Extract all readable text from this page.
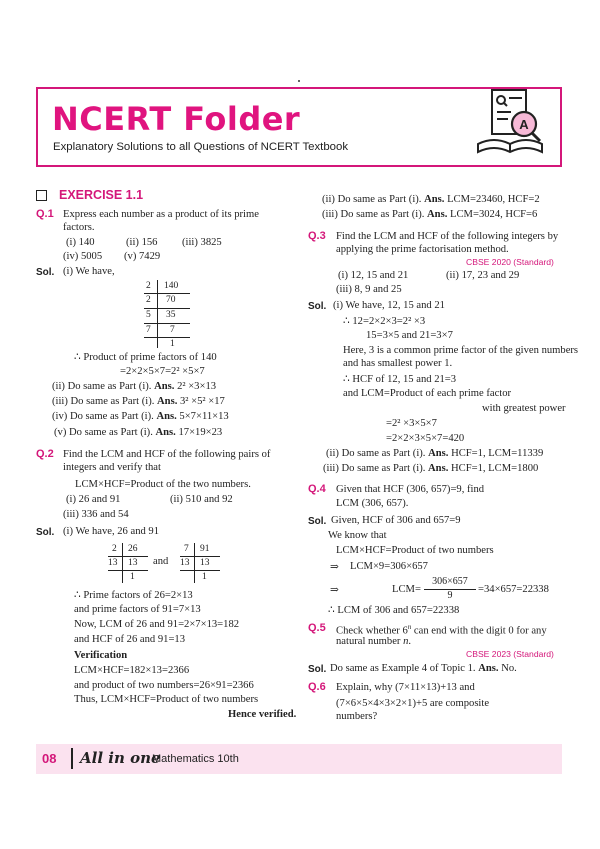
NCERT Folder
Explanatory Solutions to all Questions of NCERT Textbook
A
EXERCISE 1.1
Q.1 Express each number as a product of its prime
factors.
(i) 140	(ii) 156 (iii) 3825
(iv) 5005 (v) 7429
Sol. (i) We have,
2 140
2 70
5 35
7 7
1
∴ Product of prime factors of 140
=2×2×5×7=2² ×5×7
(ii) Do same as Part (i). Ans. 2² ×3×13
(iii) Do same as Part (i). Ans. 3² ×5² ×17
(iv) Do same as Part (i). Ans. 5×7×11×13
(v) Do same as Part (i). Ans. 17×19×23
Q.2 Find the LCM and HCF of the following pairs of
integers and verify that
LCM×HCF=Product of the two numbers.
(i) 26 and 91	(ii) 510 and 92
(iii) 336 and 54
Sol. (i) We have, 26 and 91
2 26
13 13
1
and
7 91
13 13
1
∴ Prime factors of 26=2×13
and prime factors of 91=7×13
Now, LCM of 26 and 91=2×7×13=182
and HCF of 26 and 91=13
Verification
LCM×HCF=182×13=2366
and product of two numbers=26×91=2366
Thus, LCM×HCF=Product of two numbers
Hence verified.
(ii) Do same as Part (i). Ans. LCM=23460, HCF=2
(iii) Do same as Part (i). Ans. LCM=3024, HCF=6
Q.3 Find the LCM and HCF of the following integers by
applying the prime factorisation method.
CBSE 2020 (Standard)
(i) 12, 15 and 21	(ii) 17, 23 and 29
(iii) 8, 9 and 25
Sol. (i) We have, 12, 15 and 21
∴ 12=2×2×3=2² ×3
15=3×5 and 21=3×7
Here, 3 is a common prime factor of the given numbers
and has smallest power 1.
∴ HCF of 12, 15 and 21=3
and LCM=Product of each prime factor
with greatest power
=2² ×3×5×7
=2×2×3×5×7=420
(ii) Do same as Part (i). Ans. HCF=1, LCM=11339
(iii) Do same as Part (i). Ans. HCF=1, LCM=1800
Q.4 Given that HCF (306, 657)=9, find
LCM (306, 657).
Sol. Given, HCF of 306 and 657=9
We know that
LCM×HCF=Product of two numbers
⇒ LCM×9=306×657
⇒	LCM=
306×657
9
=34×657=22338
∴ LCM of 306 and 657=22338
Q.5 Check whether 6$^n$ can end with the digit 0 for any
natural number n.
CBSE 2023 (Standard)
Sol. Do same as Example 4 of Topic 1. Ans. No.
Q.6 Explain, why (7×11×13)+13 and
(7×6×5×4×3×2×1)+5 are composite
numbers?
08 All in one
Mathematics 10th
